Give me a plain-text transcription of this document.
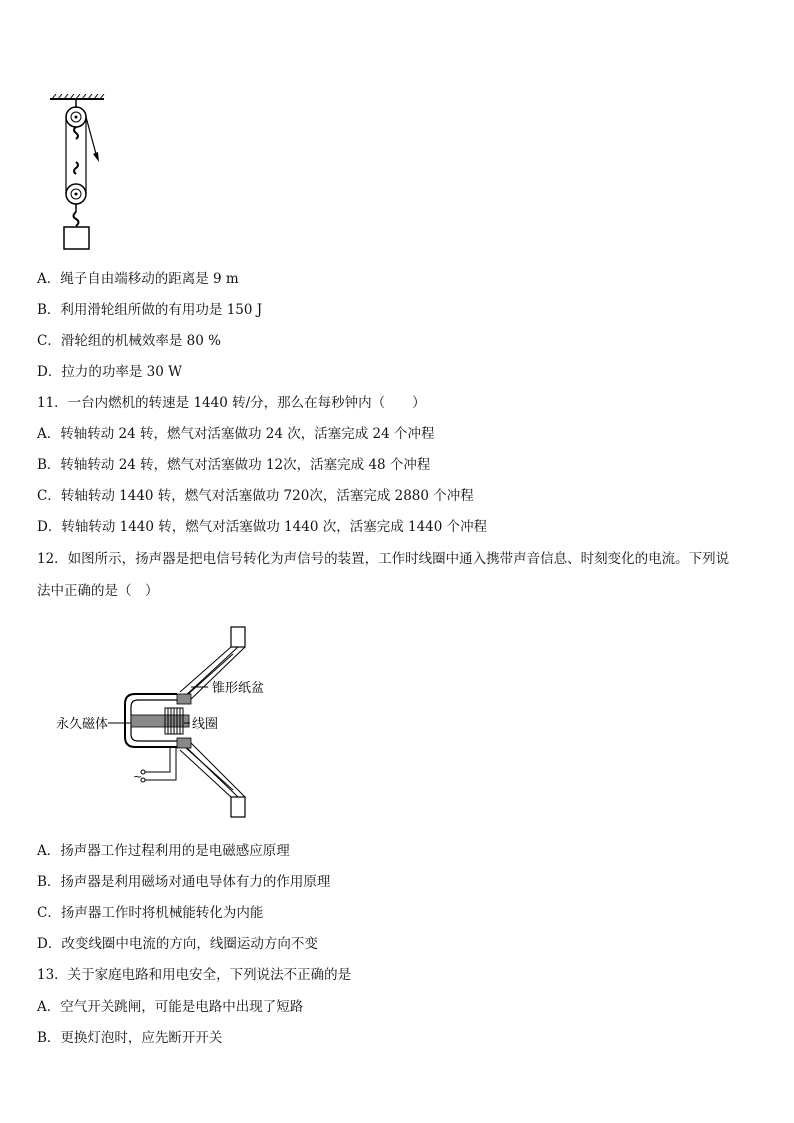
A．绳子自由端移动的距离是 9 m
B．利用滑轮组所做的有用功是 150 J
C．滑轮组的机械效率是 80 %
D．拉力的功率是 30 W
11．一台内燃机的转速是 1440 转/分，那么在每秒钟内（　　）
A．转轴转动 24 转，燃气对活塞做功 24 次，活塞完成 24 个冲程
B．转轴转动 24 转，燃气对活塞做功 12次，活塞完成 48 个冲程
C．转轴转动 1440 转，燃气对活塞做功 720次，活塞完成 2880 个冲程
D．转轴转动 1440 转，燃气对活塞做功 1440 次，活塞完成 1440 个冲程
12．如图所示，扬声器是把电信号转化为声信号的装置，工作时线圈中通入携带声音信息、时刻变化的电流。下列说
法中正确的是（　）
~
锥形纸盆
线圈
永久磁体
A．扬声器工作过程利用的是电磁感应原理
B．扬声器是利用磁场对通电导体有力的作用原理
C．扬声器工作时将机械能转化为内能
D．改变线圈中电流的方向，线圈运动方向不变
13．关于家庭电路和用电安全，下列说法不正确的是
A．空气开关跳闸，可能是电路中出现了短路
B．更换灯泡时，应先断开开关
